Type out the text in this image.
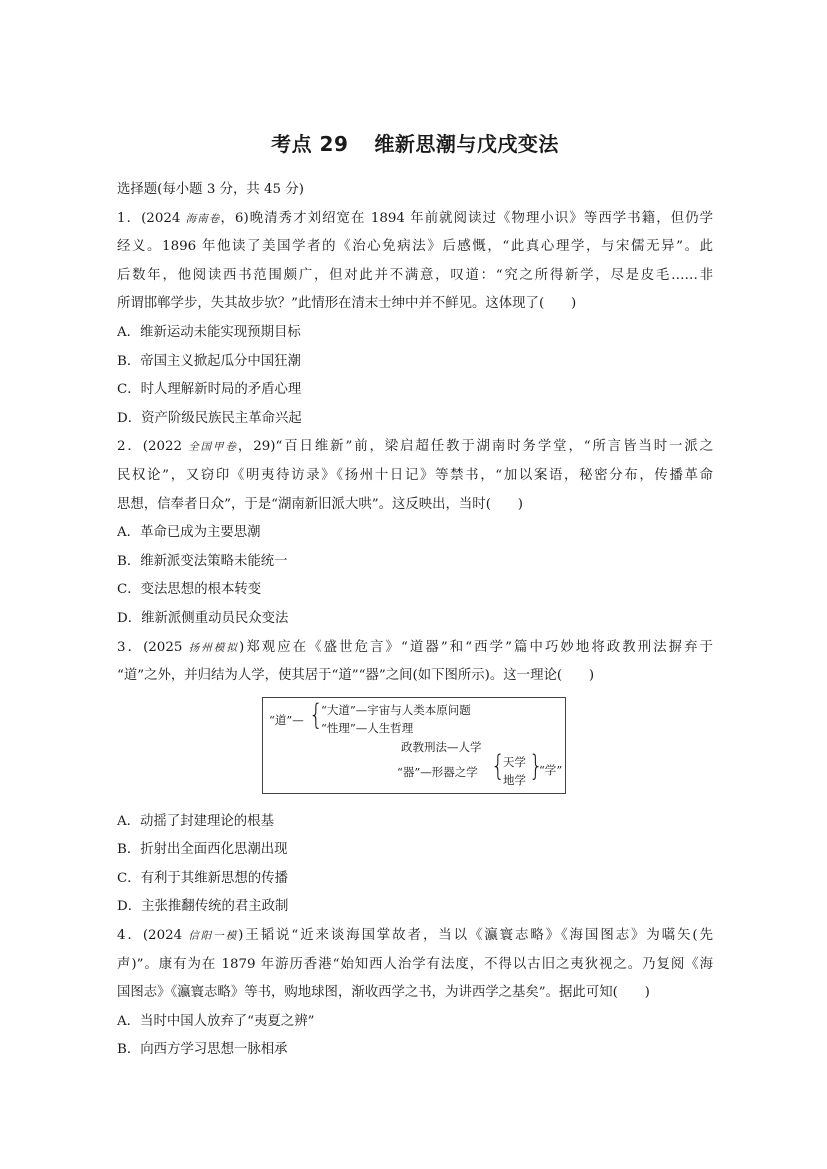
考点 29 维新思潮与戊戌变法
选择题(每小题 3 分，共 45 分)
1．(2024 海南卷，6)晚清秀才刘绍宽在 1894 年前就阅读过《物理小识》等西学书籍，但仍学
经义。1896 年他读了美国学者的《治心免病法》后感慨，“此真心理学，与宋儒无异”。此
后数年，他阅读西书范围颇广，但对此并不满意，叹道：“究之所得新学，尽是皮毛……非
所谓邯郸学步，失其故步欤？”此情形在清末士绅中并不鲜见。这体现了(　　)
A．维新运动未能实现预期目标
B．帝国主义掀起瓜分中国狂潮
C．时人理解新时局的矛盾心理
D．资产阶级民族民主革命兴起
2．(2022 全国甲卷，29)“百日维新”前，梁启超任教于湖南时务学堂，“所言皆当时一派之
民权论”，又窃印《明夷待访录》《扬州十日记》等禁书，“加以案语，秘密分布，传播革命
思想，信奉者日众”，于是“湖南新旧派大哄”。这反映出，当时(　　)
A．革命已成为主要思潮
B．维新派变法策略未能统一
C．变法思想的根本转变
D．维新派侧重动员民众变法
3．(2025 扬州模拟)郑观应在《盛世危言》“道器”和“西学”篇中巧妙地将政教刑法摒弃于
“道”之外，并归结为人学，使其居于“道”“器”之间(如下图所示)。这一理论(　　)
“道”— {
“大道”—宇宙与人类本原问题
“性理”—人生哲理
政教刑法—人学
“器”—形器之学 {
天学
地学 }
“学”
A．动摇了封建理论的根基
B．折射出全面西化思潮出现
C．有利于其维新思想的传播
D．主张推翻传统的君主政制
4．(2024 信阳一模)王韬说“近来谈海国掌故者，当以《瀛寰志略》《海国图志》为嚆矢(先
声)”。康有为在 1879 年游历香港“始知西人治学有法度，不得以古旧之夷狄视之。乃复阅《海
国图志》《瀛寰志略》等书，购地球图，渐收西学之书，为讲西学之基矣”。据此可知(　　)
A．当时中国人放弃了“夷夏之辨”
B．向西方学习思想一脉相承
